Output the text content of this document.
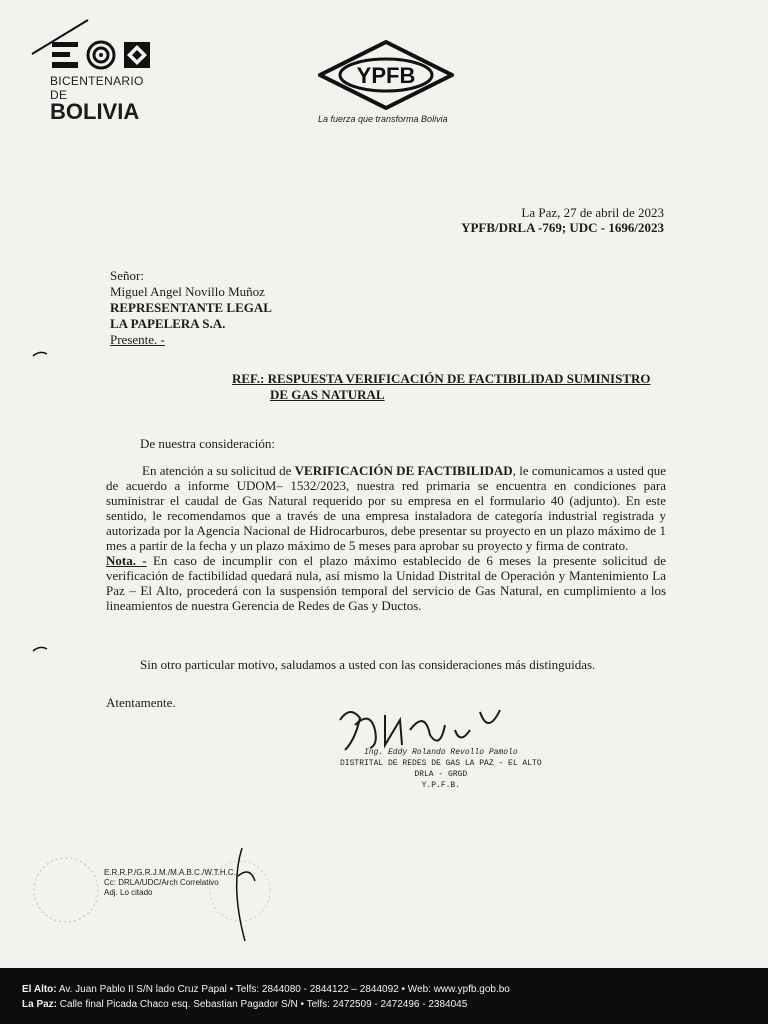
BICENTENARIO DE
BOLIVIA
YPFB
La fuerza que transforma Bolivia
La Paz, 27 de abril de 2023
YPFB/DRLA -769; UDC - 1696/2023
Señor:
Miguel Angel Novillo Muñoz
REPRESENTANTE LEGAL
LA PAPELERA S.A.
Presente. -
REF.: RESPUESTA VERIFICACIÓN DE FACTIBILIDAD SUMINISTRO
DE GAS NATURAL
De nuestra consideración:
En atención a su solicitud de VERIFICACIÓN DE FACTIBILIDAD, le comunicamos a usted que de acuerdo a informe UDOM– 1532/2023, nuestra red primaria se encuentra en condiciones para suministrar el caudal de Gas Natural requerido por su empresa en el formulario 40 (adjunto). En este sentido, le recomendamos que a través de una empresa instaladora de categoría industrial registrada y autorizada por la Agencia Nacional de Hidrocarburos, debe presentar su proyecto en un plazo máximo de 1 mes a partir de la fecha y un plazo máximo de 5 meses para aprobar su proyecto y firma de contrato.
Nota. - En caso de incumplir con el plazo máximo establecido de 6 meses la presente solicitud de verificación de factibilidad quedará nula, así mismo la Unidad Distrital de Operación y Mantenimiento La Paz – El Alto, procederá con la suspensión temporal del servicio de Gas Natural, en cumplimiento a los lineamientos de nuestra Gerencia de Redes de Gas y Ductos.
Sin otro particular motivo, saludamos a usted con las consideraciones más distinguidas.
Atentamente.
Ing. Eddy Rolando Revollo Pamolo
DISTRITAL DE REDES DE GAS LA PAZ - EL ALTO
DRLA - GRGD
Y.P.F.B.
E.R.R.P./G.R.J.M./M.A.B.C./W.T.H.C.
Cc: DRLA/UDC/Arch Correlativo
Adj. Lo citado
El Alto: Av. Juan Pablo II S/N lado Cruz Papal • Telfs: 2844080 - 2844122 – 2844092 • Web: www.ypfb.gob.bo
La Paz: Calle final Picada Chaco esq. Sebastian Pagador S/N • Telfs: 2472509 - 2472496 - 2384045
